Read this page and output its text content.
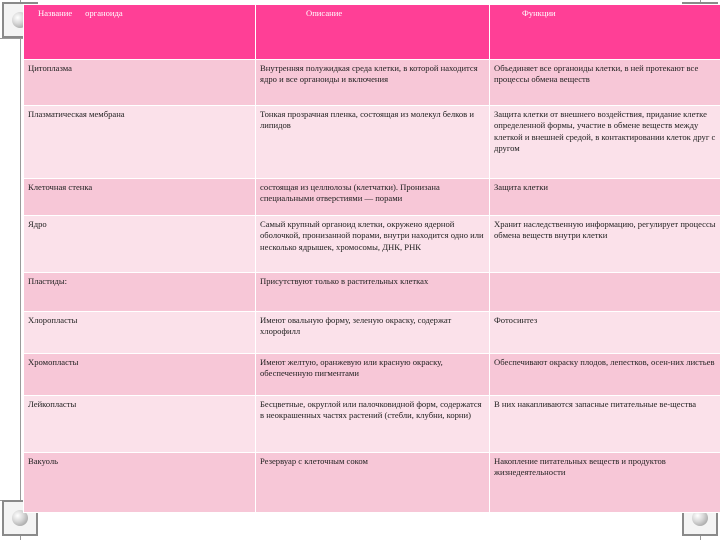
Название      органоида	Описание	Функции
Цитоплазма	Внутренняя полужидкая среда клетки, в которой находится ядро и все органоиды и включения	Объединяет все органоиды клетки, в ней протекают все процессы обмена веществ
Плазматическая мембрана	Тонкая прозрачная пленка, состоящая из молекул белков и липидов	Защита клетки от внешнего воздействия, придание клетке определенной формы, участие в обмене веществ между клеткой и внешней средой, в контактировании клеток друг с другом
Клеточная стенка	состоящая из целлюлозы (клетчатки). Пронизана специальными отверстиями — порами	Защита клетки
Ядро	Самый крупный органоид клетки, окружено ядерной оболочкой, пронизанной порами, внутри находится одно или несколько ядрышек, хромосомы, ДНК, РНК	Хранит наследственную информацию, регулирует процессы обмена веществ внутри клетки
Пластиды:	Присутствуют только в растительных клетках	
Хлоропласты	Имеют овальную форму, зеленую окраску, содержат хлорофилл	Фотосинтез
Хромопласты	Имеют желтую, оранжевую или красную окраску, обеспеченную пигментами	Обеспечивают окраску плодов, лепестков, осен-них листьев
Лейкопласты	Бесцветные, округлой или палочковидной форм, содержатся в неокрашенных частях растений (стебли, клубни, корни)	В них накапливаются запасные питательные ве-щества
Вакуоль	Резервуар с клеточным соком	Накопление питательных веществ и продуктов жизнедеятельности
